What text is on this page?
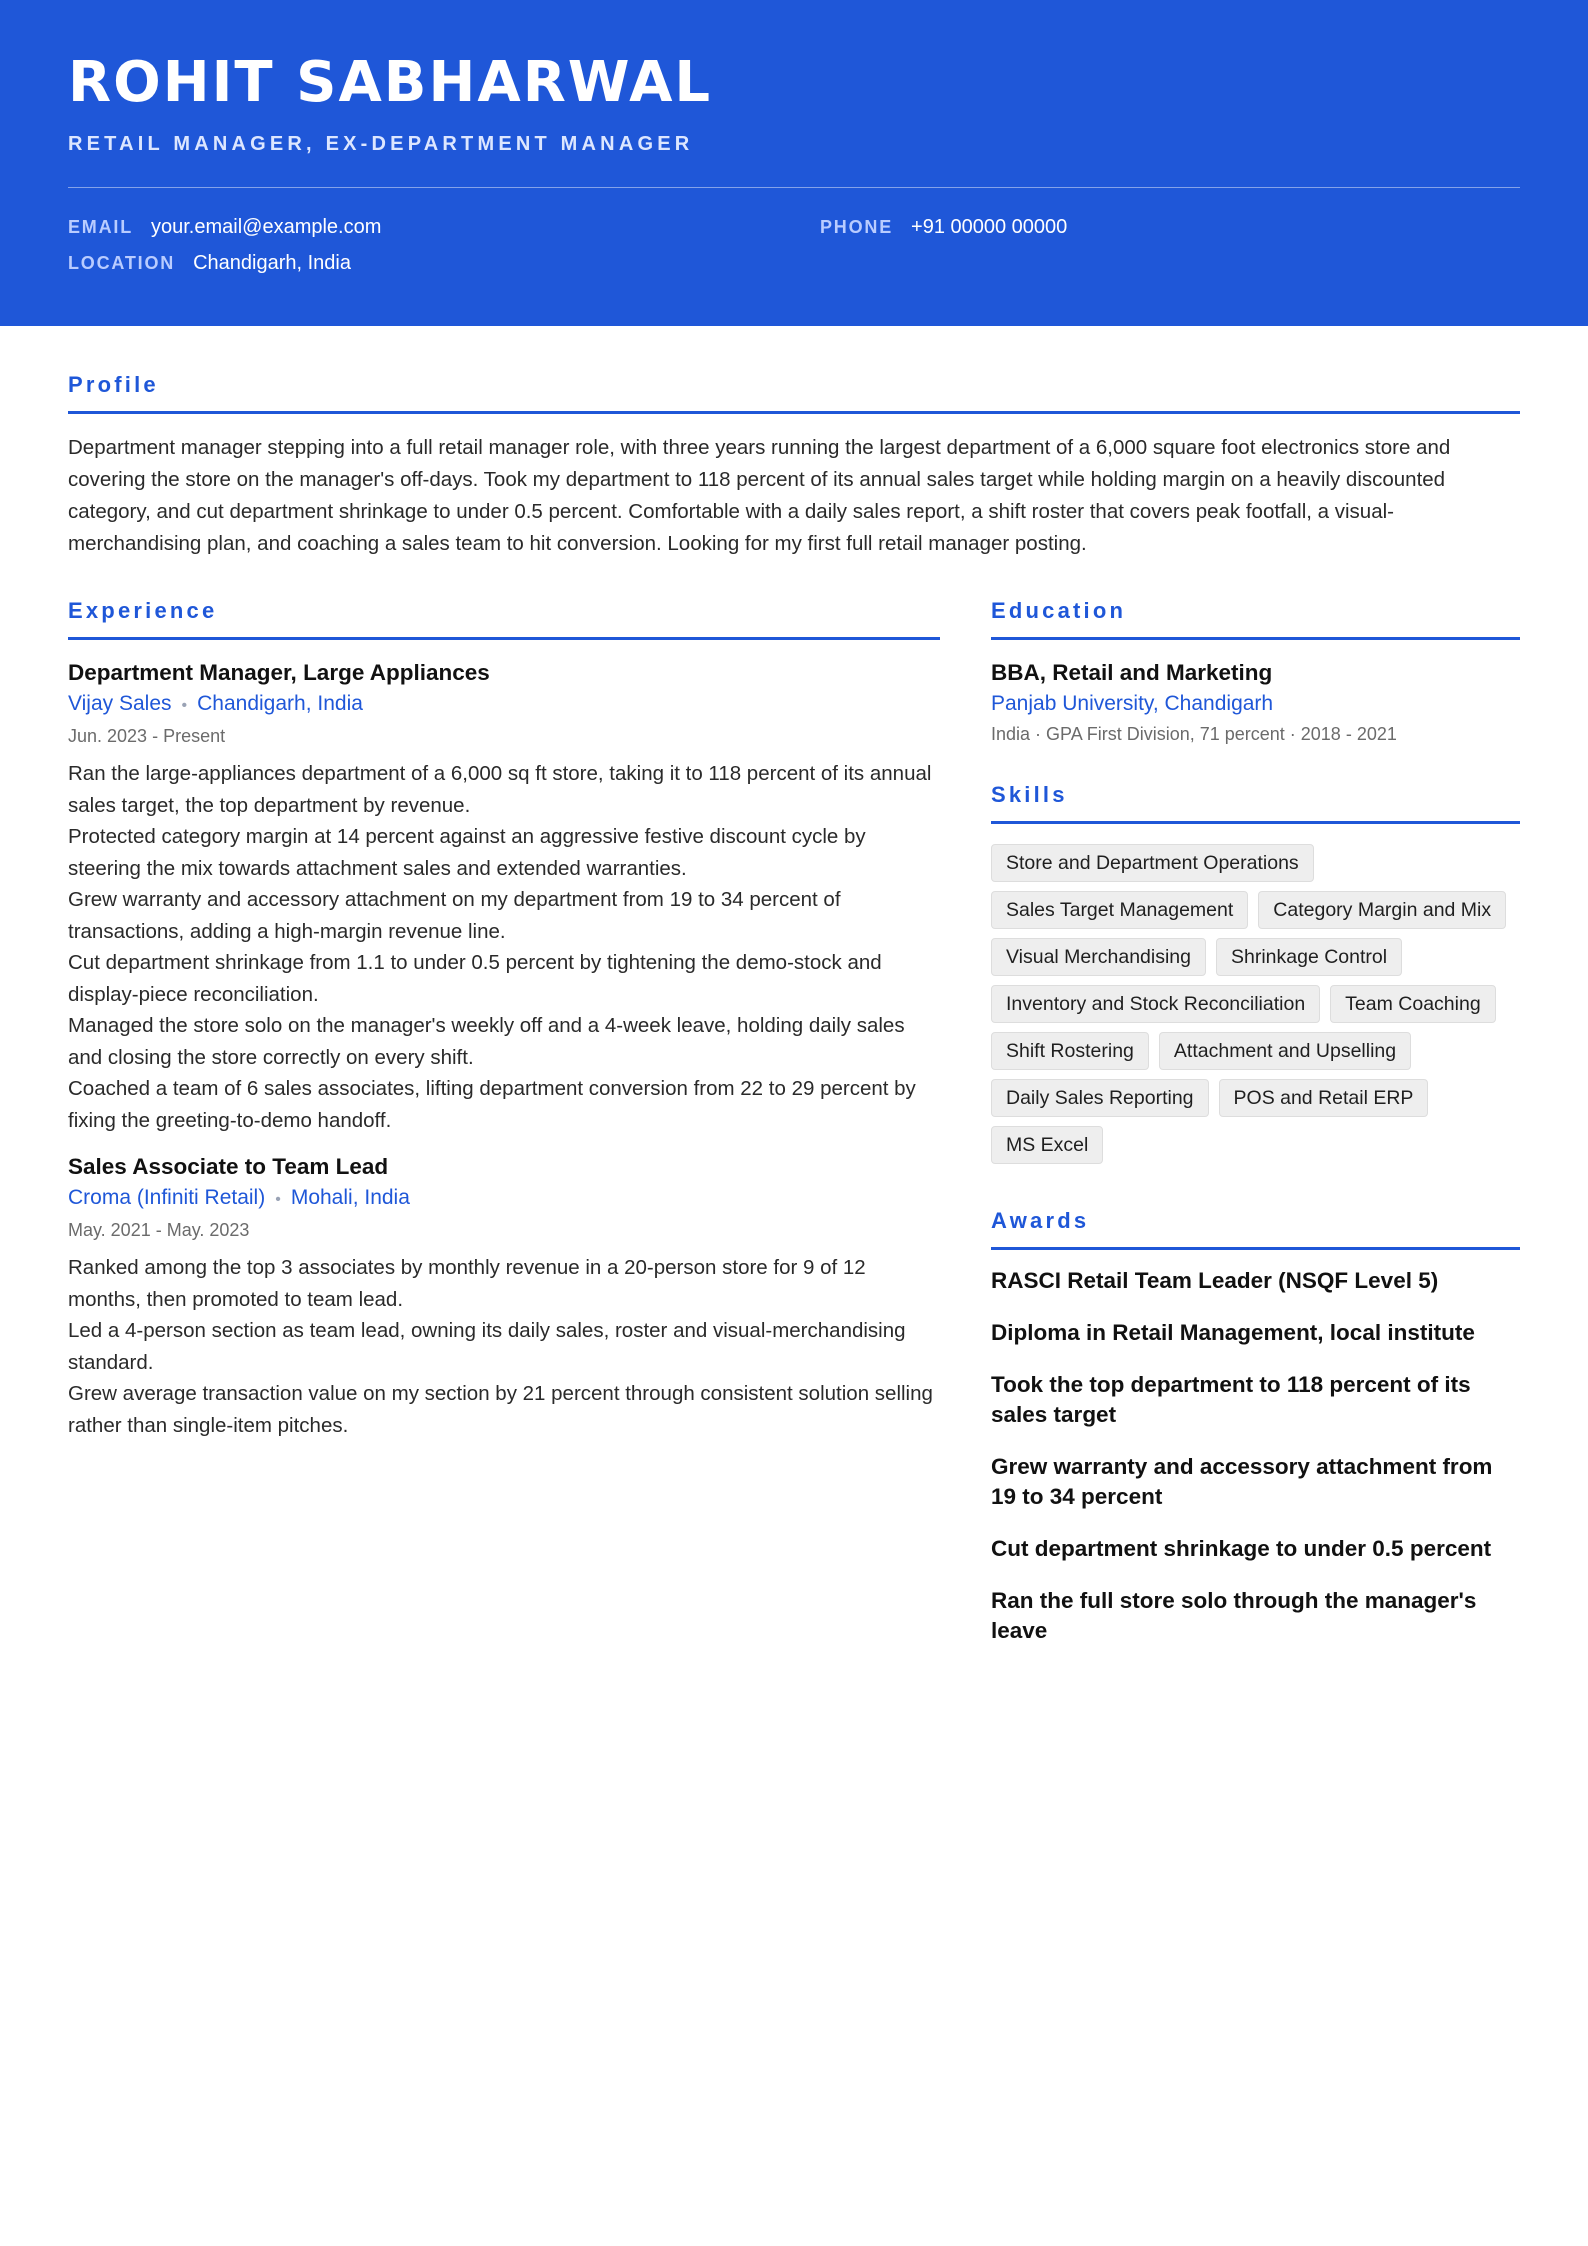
ROHIT SABHARWAL
RETAIL MANAGER, EX-DEPARTMENT MANAGER
EMAIL your.email@example.com	PHONE +91 00000 00000
LOCATION Chandigarh, India
Profile
Department manager stepping into a full retail manager role, with three years running the largest department of a 6,000 square foot electronics store and covering the store on the manager's off-days. Took my department to 118 percent of its annual sales target while holding margin on a heavily discounted category, and cut department shrinkage to under 0.5 percent. Comfortable with a daily sales report, a shift roster that covers peak footfall, a visual-merchandising plan, and coaching a sales team to hit conversion. Looking for my first full retail manager posting.
Experience
Department Manager, Large Appliances
Vijay Sales • Chandigarh, India
Jun. 2023 - Present
Ran the large-appliances department of a 6,000 sq ft store, taking it to 118 percent of its annual sales target, the top department by revenue.
Protected category margin at 14 percent against an aggressive festive discount cycle by steering the mix towards attachment sales and extended warranties.
Grew warranty and accessory attachment on my department from 19 to 34 percent of transactions, adding a high-margin revenue line.
Cut department shrinkage from 1.1 to under 0.5 percent by tightening the demo-stock and display-piece reconciliation.
Managed the store solo on the manager's weekly off and a 4-week leave, holding daily sales and closing the store correctly on every shift.
Coached a team of 6 sales associates, lifting department conversion from 22 to 29 percent by fixing the greeting-to-demo handoff.
Sales Associate to Team Lead
Croma (Infiniti Retail) • Mohali, India
May. 2021 - May. 2023
Ranked among the top 3 associates by monthly revenue in a 20-person store for 9 of 12 months, then promoted to team lead.
Led a 4-person section as team lead, owning its daily sales, roster and visual-merchandising standard.
Grew average transaction value on my section by 21 percent through consistent solution selling rather than single-item pitches.
Education
BBA, Retail and Marketing
Panjab University, Chandigarh
India · GPA First Division, 71 percent · 2018 - 2021
Skills
Store and Department Operations
Sales Target Management	Category Margin and Mix
Visual Merchandising	Shrinkage Control
Inventory and Stock Reconciliation	Team Coaching
Shift Rostering	Attachment and Upselling
Daily Sales Reporting	POS and Retail ERP
MS Excel
Awards
RASCI Retail Team Leader (NSQF Level 5)
Diploma in Retail Management, local institute
Took the top department to 118 percent of its sales target
Grew warranty and accessory attachment from 19 to 34 percent
Cut department shrinkage to under 0.5 percent
Ran the full store solo through the manager's leave
